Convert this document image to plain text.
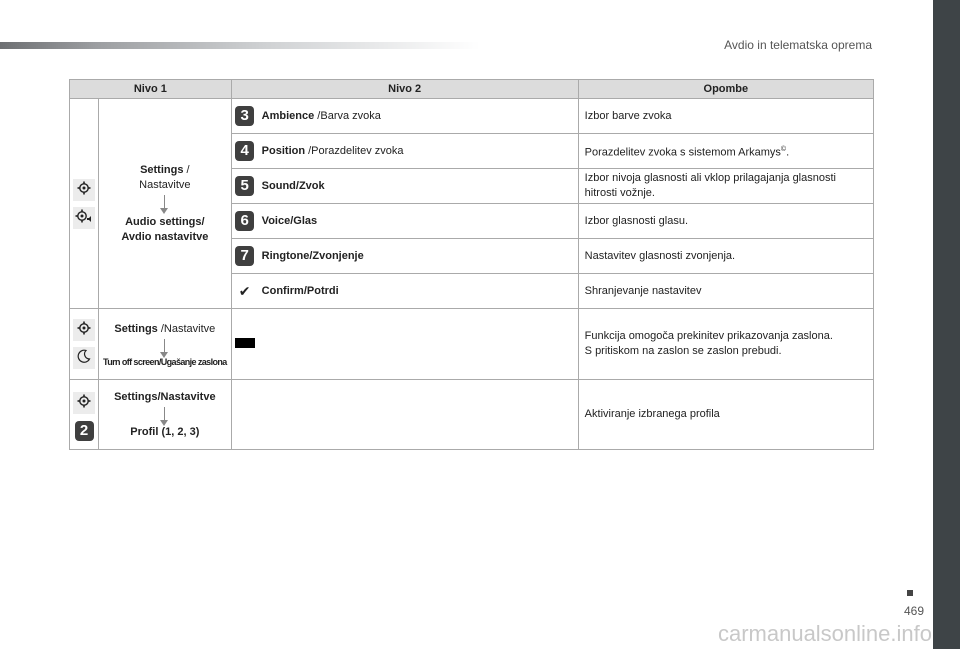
Avdio in telematska oprema
Nivo 1		Nivo 2		Opombe

Settings /
Nastavitve
Audio settings/
Avdio nastavitve	3	Ambience /Barva zvoka	Izbor barve zvoka
		4	Position /Porazdelitev zvoka	Porazdelitev zvoka s sistemom Arkamys©.
		5	Sound/Zvok	Izbor nivoja glasnosti ali vklop prilagajanja glasnosti hitrosti vožnje.
		6	Voice/Glas	Izbor glasnosti glasu.
		7	Ringtone/Zvonjenje	Nastavitev glasnosti zvonjenja.
		✔	Confirm/Potrdi	Shranjevanje nastavitev

Settings /Nastavitve
Turn off screen/Ugašanje zaslona			Funkcija omogoča prekinitev prikazovanja zaslona.
S pritiskom na zaslon se zaslon prebudi.

2	Settings/Nastavitve
Profil (1, 2, 3)			Aktiviranje izbranega profila
469
carmanualsonline.info
